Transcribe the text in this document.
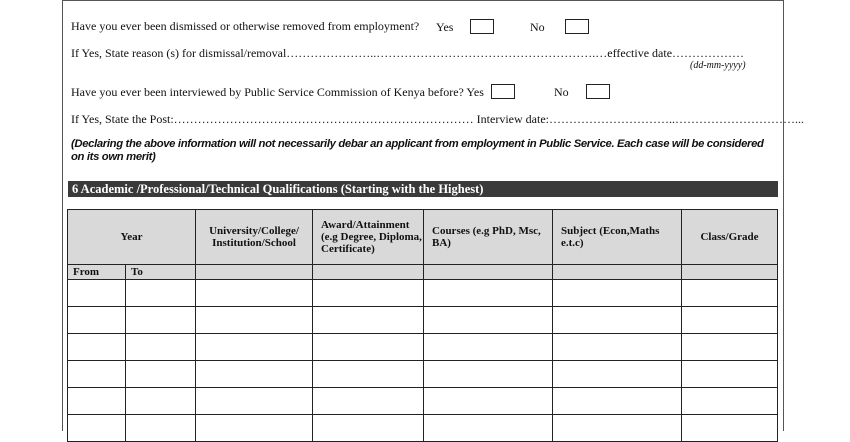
Have you ever been dismissed or otherwise removed from employment? Yes	No
If Yes, State reason (s) for dismissal/removal…………………..……………………………………………….…effective date………………
(dd-mm-yyyy)
Have you ever been interviewed by Public Service Commission of Kenya before? Yes	No
If Yes, State the Post:………………………………………………………………… Interview date:…………………………..…………………………...
(Declaring the above information will not necessarily debar an applicant from employment in Public Service. Each case will be considered on its own merit)
6 Academic /Professional/Technical Qualifications (Starting with the Highest)
Year		University/College/ Institution/School	Award/Attainment (e.g Degree, Diploma, Certificate)	Courses (e.g PhD, Msc, BA)	Subject (Econ,Maths e.t.c)	Class/Grade
From	To					
